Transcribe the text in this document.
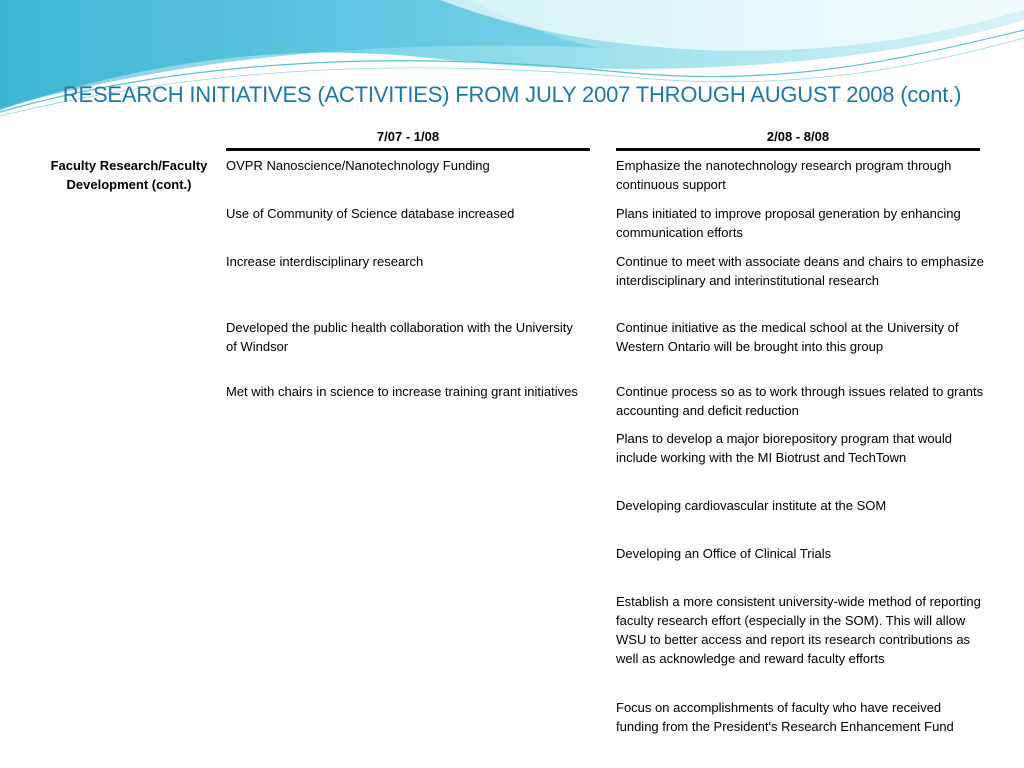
RESEARCH INITIATIVES (ACTIVITIES) FROM JULY 2007 THROUGH AUGUST 2008 (cont.)
7/07 - 1/08	2/08 - 8/08
Faculty Research/Faculty Development (cont.)
OVPR Nanoscience/Nanotechnology Funding
Use of Community of Science database increased
Increase interdisciplinary research
Developed the public health collaboration with the University of Windsor
Met with chairs in science to increase training grant initiatives
Emphasize the nanotechnology research program through continuous support
Plans initiated to improve proposal generation by enhancing communication efforts
Continue to meet with associate deans and chairs to emphasize interdisciplinary and interinstitutional research
Continue initiative as the medical school at the University of Western Ontario will be brought into this group
Continue process so as to work through issues related to grants accounting and deficit reduction
Plans to develop a major biorepository program that would include working with the MI Biotrust and TechTown
Developing cardiovascular institute at the SOM
Developing an Office of Clinical Trials
Establish a more consistent university-wide method of reporting faculty research effort (especially in the SOM). This will allow WSU to better access and report its research contributions as well as acknowledge and reward faculty efforts
Focus on accomplishments of faculty who have received funding from the President's Research Enhancement Fund
